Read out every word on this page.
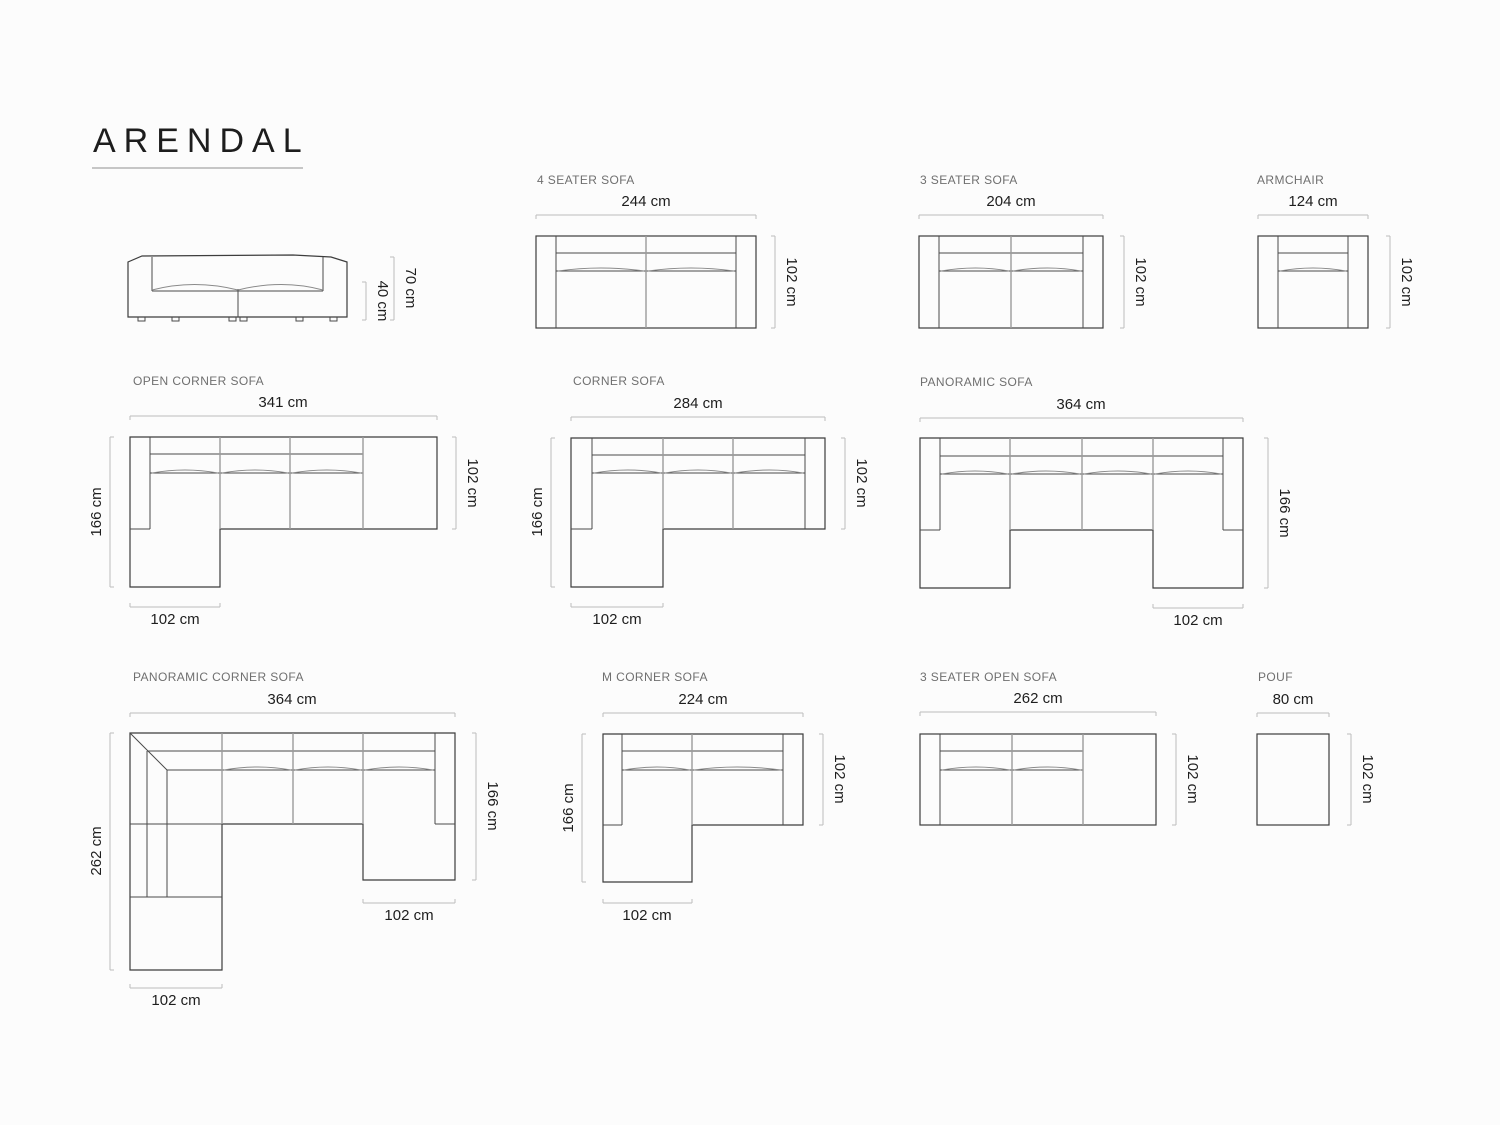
ARENDAL
40 cm 70 cm
4 SEATER SOFA
244 cm
102 cm
3 SEATER SOFA
204 cm
102 cm
ARMCHAIR
124 cm
102 cm
OPEN CORNER SOFA
341 cm
166 cm
102 cm
102 cm
CORNER SOFA
284 cm
166 cm
102 cm
102 cm
PANORAMIC SOFA
364 cm
166 cm
102 cm
PANORAMIC CORNER SOFA
364 cm
262 cm
166 cm
102 cm
102 cm
M CORNER SOFA
224 cm
166 cm
102 cm
102 cm
3 SEATER OPEN SOFA
262 cm
102 cm
POUF
80 cm
102 cm
